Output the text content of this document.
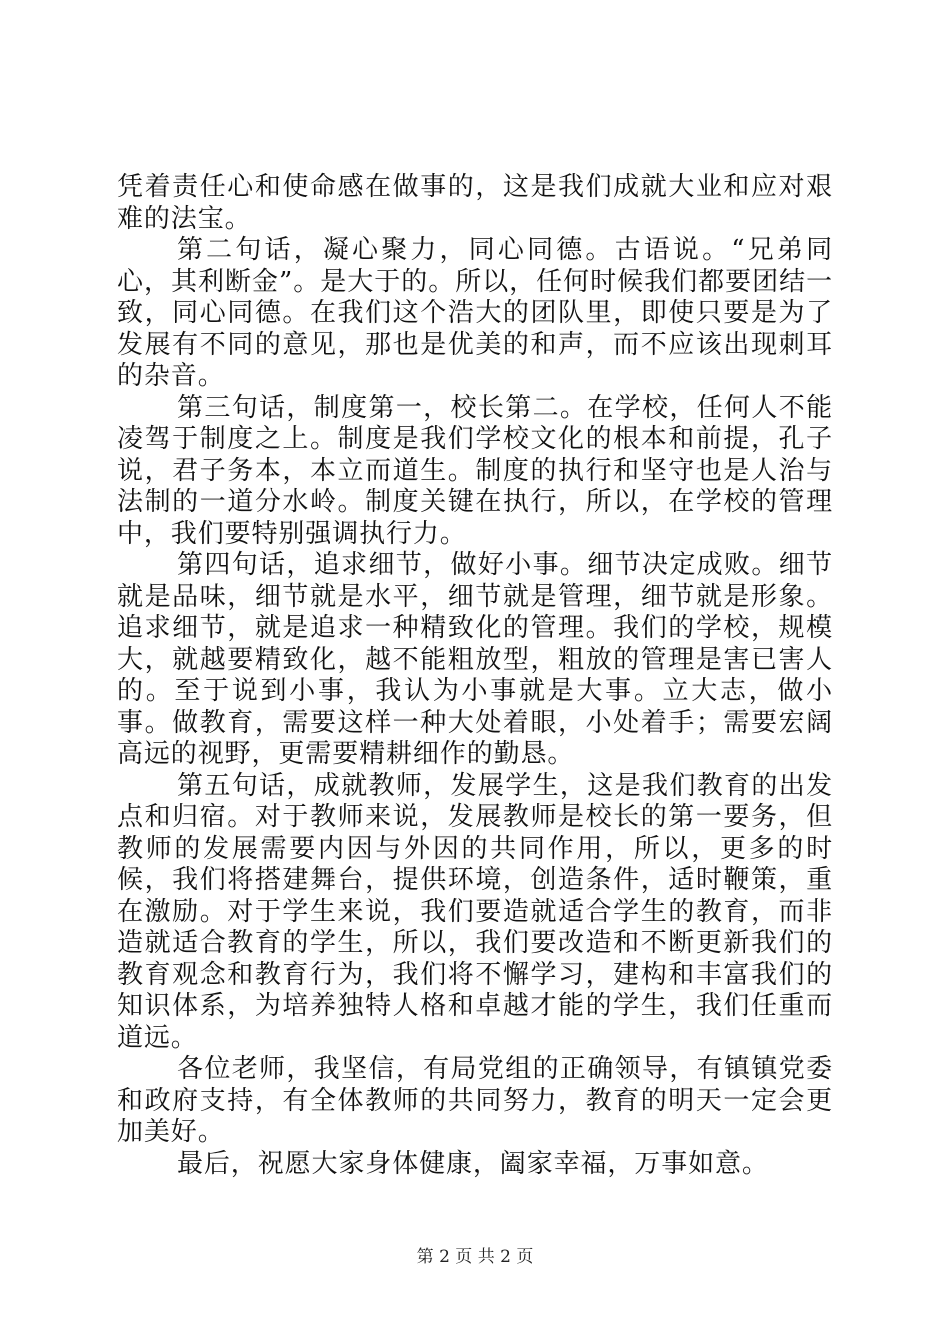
凭着责任心和使命感在做事的，这是我们成就大业和应对艰难的法宝。

第二句话，凝心聚力，同心同德。古语说。“兄弟同心，其利断金”。是大于的。所以，任何时候我们都要团结一致，同心同德。在我们这个浩大的团队里，即使只要是为了发展有不同的意见，那也是优美的和声，而不应该出现刺耳的杂音。

第三句话，制度第一，校长第二。在学校，任何人不能凌驾于制度之上。制度是我们学校文化的根本和前提，孔子说，君子务本，本立而道生。制度的执行和坚守也是人治与法制的一道分水岭。制度关键在执行，所以，在学校的管理中，我们要特别强调执行力。

第四句话，追求细节，做好小事。细节决定成败。细节就是品味，细节就是水平，细节就是管理，细节就是形象。追求细节，就是追求一种精致化的管理。我们的学校，规模大，就越要精致化，越不能粗放型，粗放的管理是害已害人的。至于说到小事，我认为小事就是大事。立大志，做小事。做教育，需要这样一种大处着眼，小处着手；需要宏阔高远的视野，更需要精耕细作的勤恳。

第五句话，成就教师，发展学生，这是我们教育的出发点和归宿。对于教师来说，发展教师是校长的第一要务，但教师的发展需要内因与外因的共同作用，所以，更多的时候，我们将搭建舞台，提供环境，创造条件，适时鞭策，重在激励。对于学生来说，我们要造就适合学生的教育，而非造就适合教育的学生，所以，我们要改造和不断更新我们的教育观念和教育行为，我们将不懈学习，建构和丰富我们的知识体系，为培养独特人格和卓越才能的学生，我们任重而道远。

各位老师，我坚信，有局党组的正确领导，有镇镇党委和政府支持，有全体教师的共同努力，教育的明天一定会更加美好。

最后，祝愿大家身体健康，阖家幸福，万事如意。

第 2 页 共 2 页
